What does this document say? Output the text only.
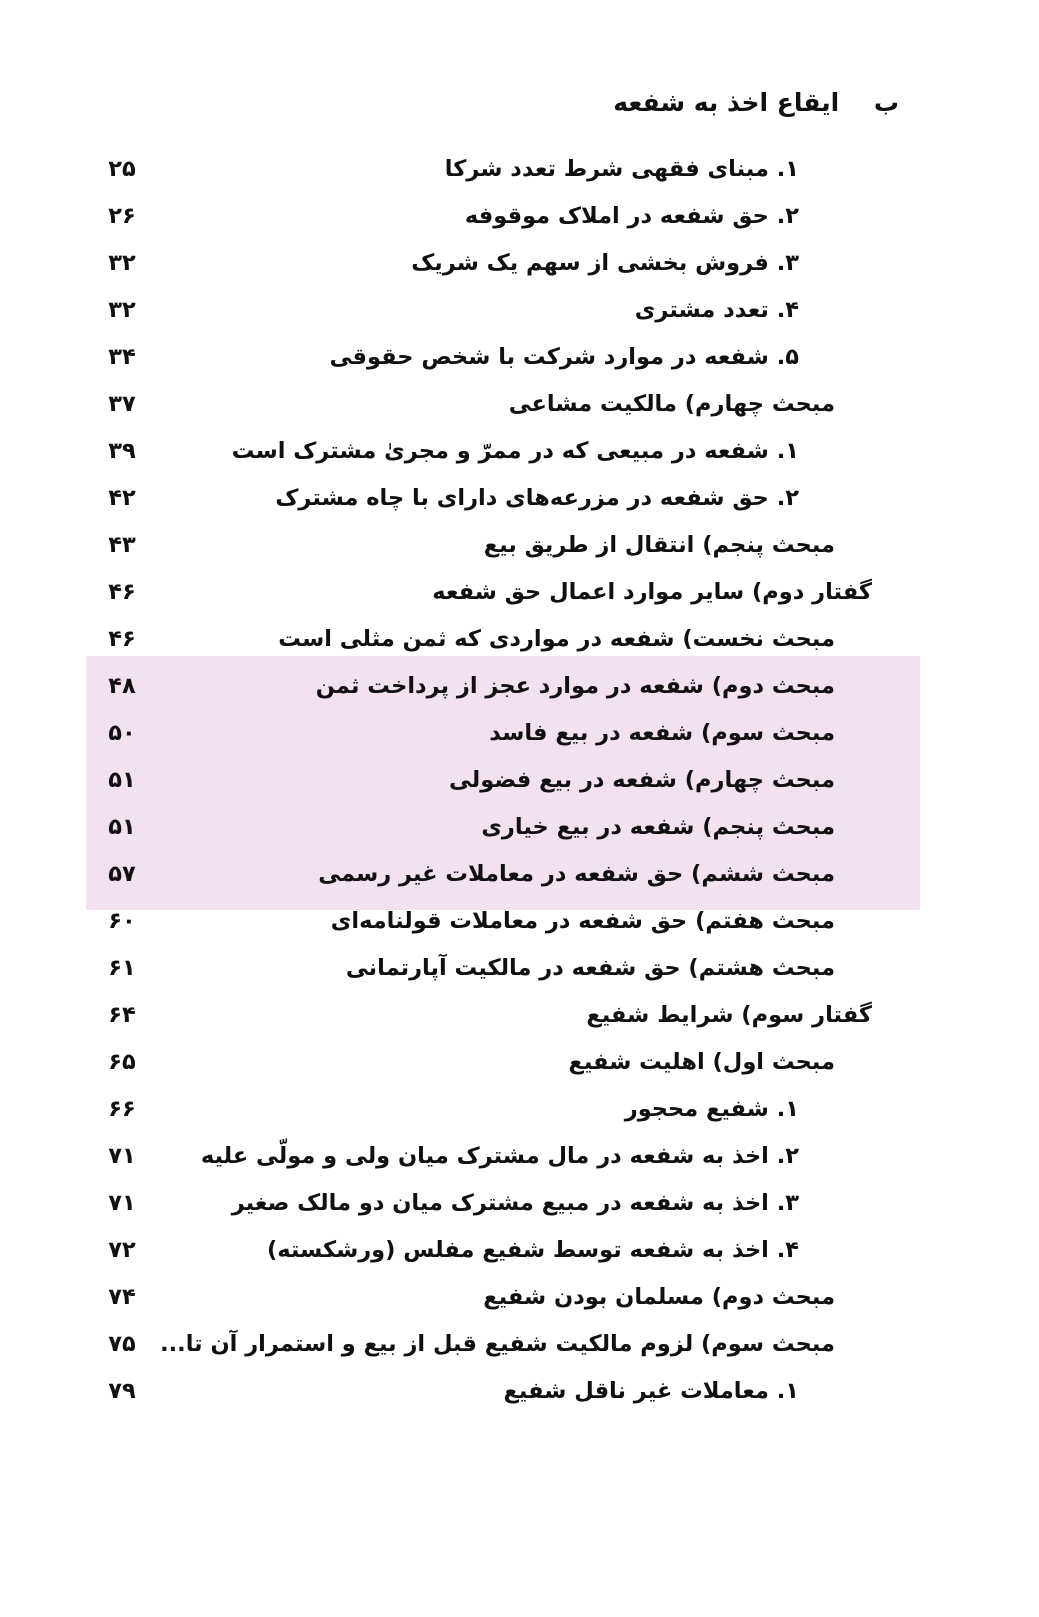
ب ایقاع اخذ به شفعه
۱. مبنای فقهی شرط تعدد شرکا
۲۵
۲. حق شفعه در املاک موقوفه
۲۶
۳. فروش بخشی از سهم یک شریک
۳۲
۴. تعدد مشتری
۳۲
۵. شفعه در موارد شرکت با شخص حقوقی
۳۴
مبحث چهارم) مالکیت مشاعی
۳۷
۱. شفعه در مبیعی که در ممرّ و مجریٰ مشترک است
۳۹
۲. حق شفعه در مزرعه‌های دارای با چاه مشترک
۴۲
مبحث پنجم) انتقال از طریق بیع
۴۳
گفتار دوم) سایر موارد اعمال حق شفعه
۴۶
مبحث نخست) شفعه در مواردی که ثمن مثلی است
۴۶
مبحث دوم) شفعه در موارد عجز از پرداخت ثمن
۴۸
مبحث سوم) شفعه در بیع فاسد
۵۰
مبحث چهارم) شفعه در بیع فضولی
۵۱
مبحث پنجم) شفعه در بیع خیاری
۵۱
مبحث ششم) حق شفعه در معاملات غیر رسمی
۵۷
مبحث هفتم) حق شفعه در معاملات قولنامه‌ای
۶۰
مبحث هشتم) حق شفعه در مالکیت آپارتمانی
۶۱
گفتار سوم) شرایط شفیع
۶۴
مبحث اول) اهلیت شفیع
۶۵
۱. شفیع محجور
۶۶
۲. اخذ به شفعه در مال مشترک میان ولی و مولّی علیه
۷۱
۳. اخذ به شفعه در مبیع مشترک میان دو مالک صغیر
۷۱
۴. اخذ به شفعه توسط شفیع مفلس (ورشکسته)
۷۲
مبحث دوم) مسلمان بودن شفیع
۷۴
مبحث سوم) لزوم مالکیت شفیع قبل از بیع و استمرار آن تا...
۷۵
۱. معاملات غیر ناقل شفیع
۷۹
